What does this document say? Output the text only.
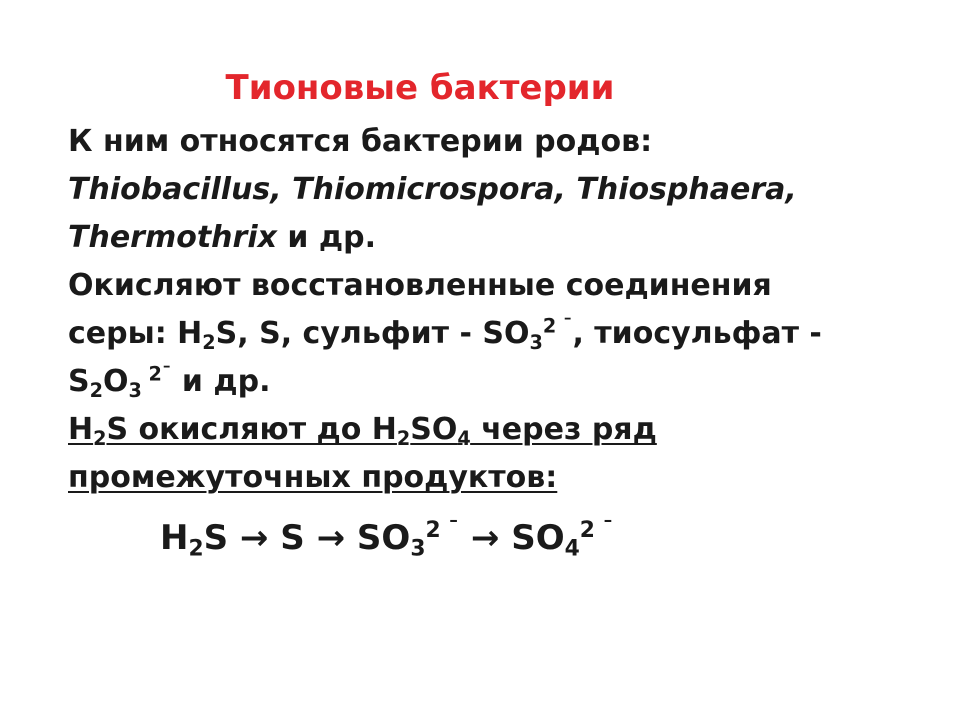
Тионовые бактерии
К ним относятся бактерии родов:
Thiobacillus, Thiomicrospora, Thiosphaera,
Thermothrix и др.
Окисляют восстановленные соединения
серы: $H_2S$, S, сульфит - $SO_3^{2 ¯}$, тиосульфат -
$S_2O_3$ $^{2¯}$ и др.
$H_2S$ окисляют до $H_2SO_4$ через ряд
промежуточных продуктов:
$H_2S \to S \to SO_3^{2 ¯} \to SO_4^{2 ¯}$
